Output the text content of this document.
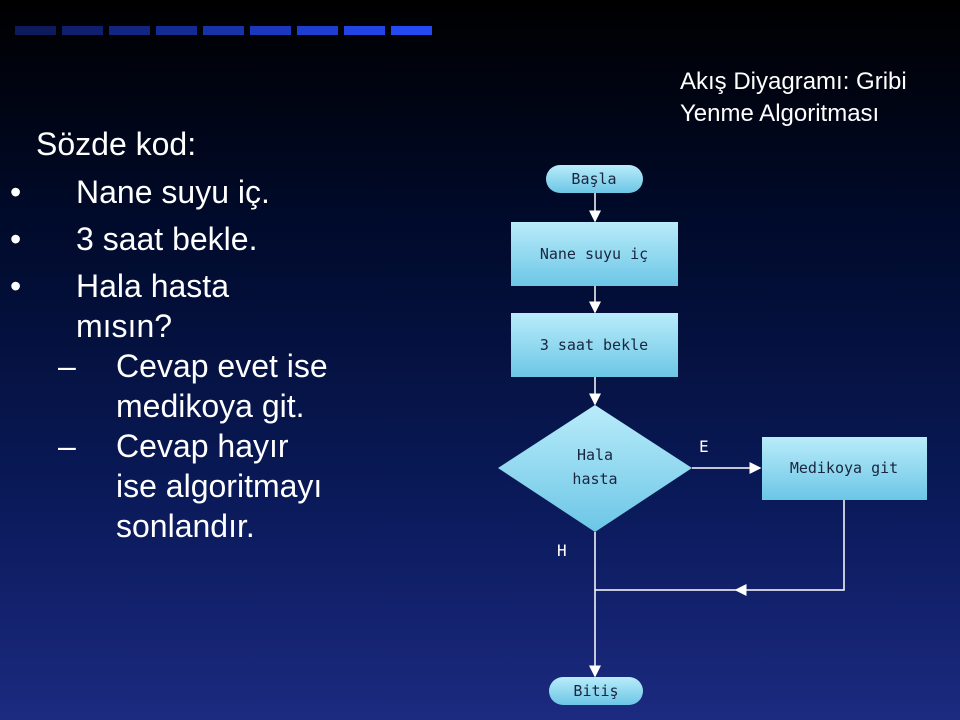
Sözde kod:
• Nane suyu iç.
• 3 saat bekle.
• Hala hasta mısın?
– Cevap evet ise medikoya git.
– Cevap hayır ise algoritmayı sonlandır.
Akış Diyagramı: Gribi Yenme Algoritması
Başla
Nane suyu iç
3 saat bekle
Hala
hasta
Medikoya git
Bitiş
E
H
